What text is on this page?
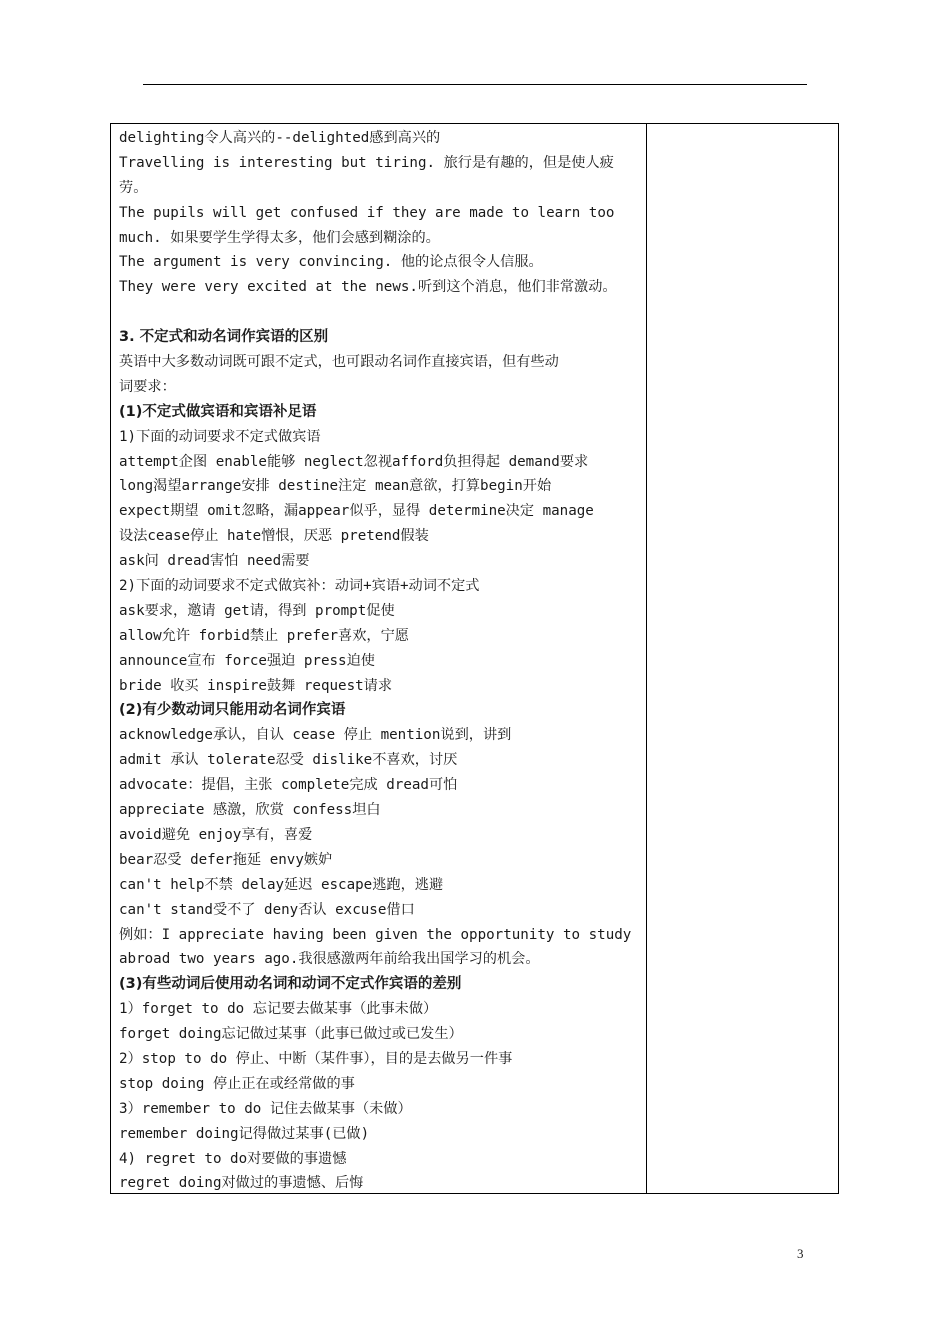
delighting令人高兴的--delighted感到高兴的
Travelling is interesting but tiring. 旅行是有趣的，但是使人疲
劳。
The pupils will get confused if they are made to learn too
much. 如果要学生学得太多，他们会感到糊涂的。
The argument is very convincing. 他的论点很令人信服。
They were very excited at the news.听到这个消息，他们非常激动。
3. 不定式和动名词作宾语的区别
英语中大多数动词既可跟不定式，也可跟动名词作直接宾语，但有些动
词要求：
(1)不定式做宾语和宾语补足语
1)下面的动词要求不定式做宾语
attempt企图 enable能够 neglect忽视afford负担得起 demand要求
long渴望arrange安排 destine注定 mean意欲，打算begin开始
expect期望 omit忽略，漏appear似乎，显得 determine决定 manage
设法cease停止 hate憎恨，厌恶 pretend假装
ask问 dread害怕 need需要
2)下面的动词要求不定式做宾补：动词+宾语+动词不定式
ask要求，邀请 get请，得到 prompt促使
allow允许 forbid禁止 prefer喜欢，宁愿
announce宣布 force强迫 press迫使
bride 收买 inspire鼓舞 request请求
(2)有少数动词只能用动名词作宾语
acknowledge承认，自认 cease 停止 mention说到，讲到
admit 承认 tolerate忍受 dislike不喜欢，讨厌
advocate：提倡，主张 complete完成 dread可怕
appreciate 感激，欣赏 confess坦白
avoid避免 enjoy享有，喜爱
bear忍受 defer拖延 envy嫉妒
can't help不禁 delay延迟 escape逃跑，逃避
can't stand受不了 deny否认 excuse借口
例如：I appreciate having been given the opportunity to study
abroad two years ago.我很感激两年前给我出国学习的机会。
(3)有些动词后使用动名词和动词不定式作宾语的差别
1）forget to do 忘记要去做某事（此事未做）
forget doing忘记做过某事（此事已做过或已发生）
2）stop to do 停止、中断（某件事），目的是去做另一件事
stop doing 停止正在或经常做的事
3）remember to do 记住去做某事（未做）
remember doing记得做过某事(已做)
4) regret to do对要做的事遗憾
regret doing对做过的事遗憾、后悔
3
